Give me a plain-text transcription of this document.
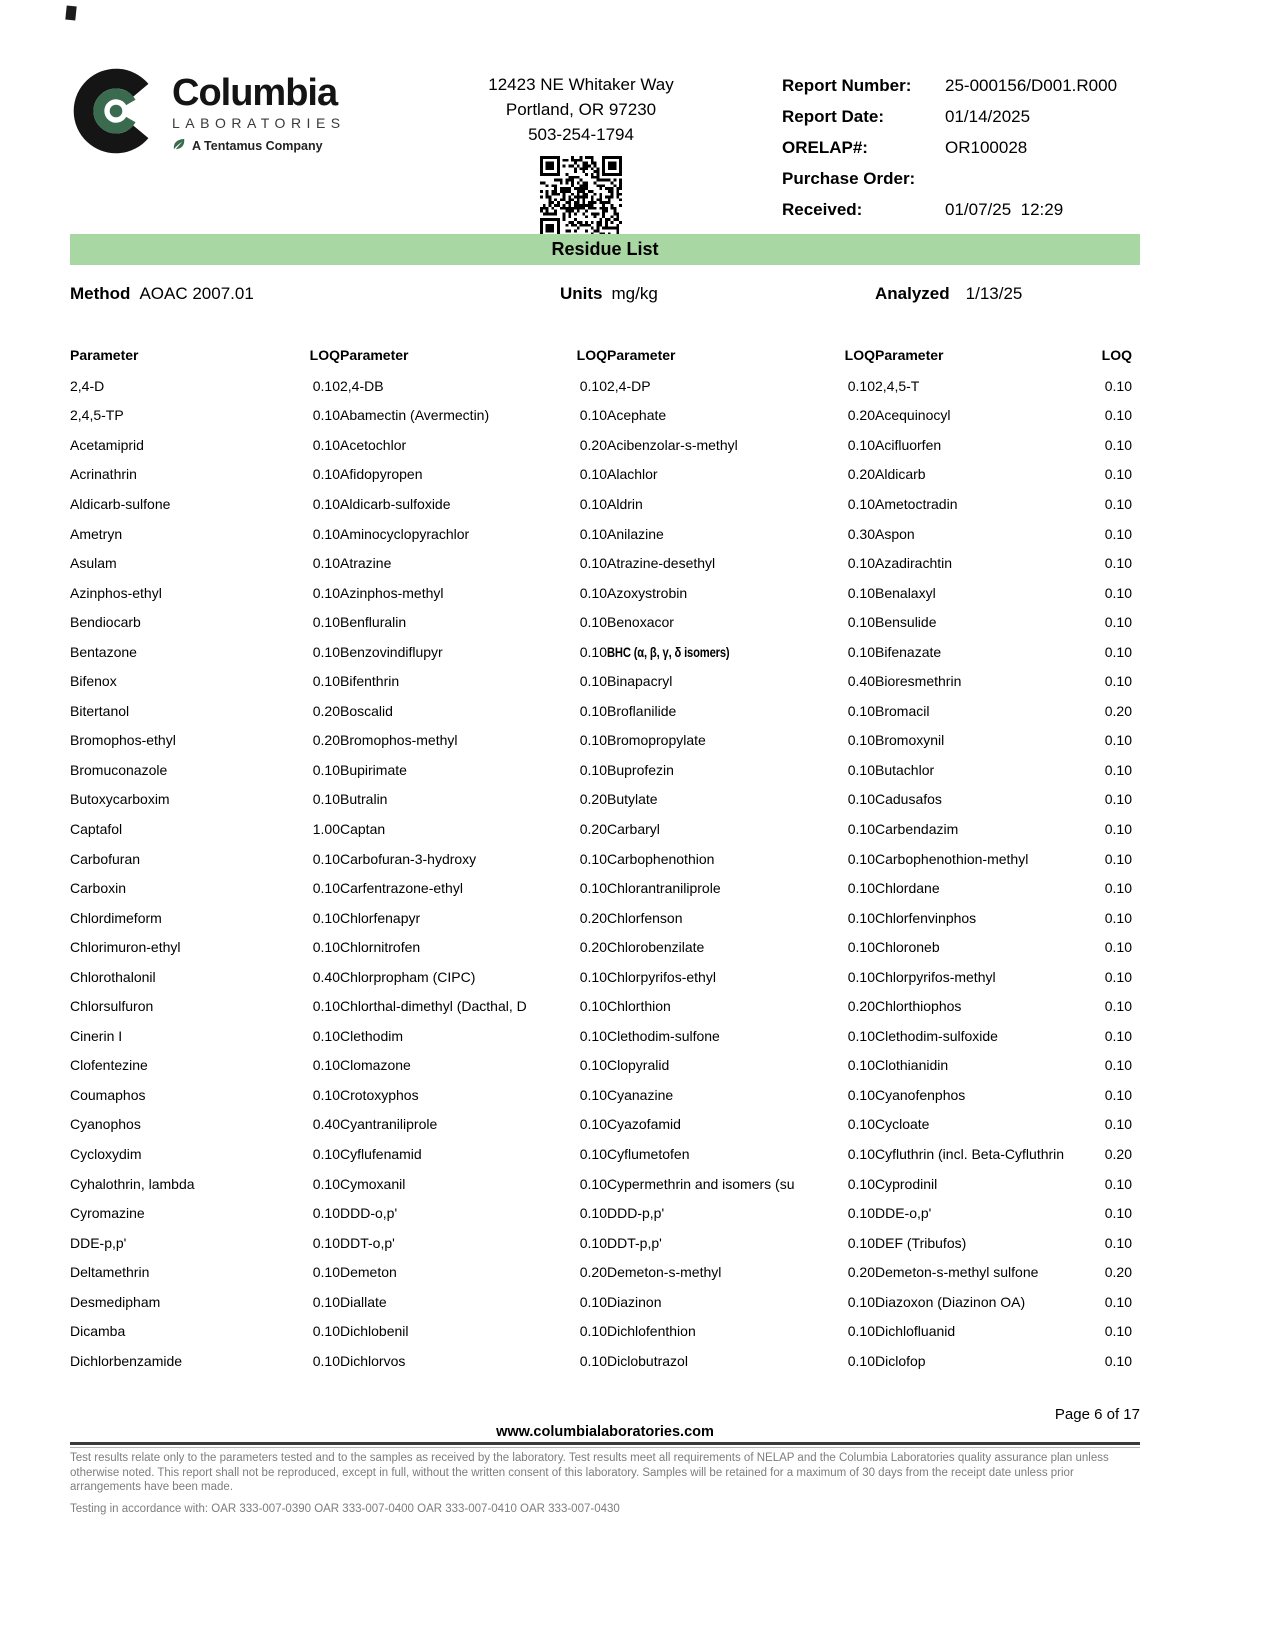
Columbia
LABORATORIES
A Tentamus Company
12423 NE Whitaker Way
Portland, OR 97230
503-254-1794
Report Number:	25-000156/D001.R000
Report Date:	01/14/2025
ORELAP#:	OR100028
Purchase Order:
Received:	01/07/25  12:29
Residue List
Method AOAC 2007.01	Units mg/kg	Analyzed 1/13/25
Parameter	LOQ Parameter	LOQ Parameter	LOQ Parameter	LOQ
2,4-D	0.10 2,4-DB	0.10 2,4-DP	0.10 2,4,5-T	0.10
2,4,5-TP	0.10 Abamectin (Avermectin)	0.10 Acephate	0.20 Acequinocyl	0.10
Acetamiprid	0.10 Acetochlor	0.20 Acibenzolar-s-methyl	0.10 Acifluorfen	0.10
Acrinathrin	0.10 Afidopyropen	0.10 Alachlor	0.20 Aldicarb	0.10
Aldicarb-sulfone	0.10 Aldicarb-sulfoxide	0.10 Aldrin	0.10 Ametoctradin	0.10
Ametryn	0.10 Aminocyclopyrachlor	0.10 Anilazine	0.30 Aspon	0.10
Asulam	0.10 Atrazine	0.10 Atrazine-desethyl	0.10 Azadirachtin	0.10
Azinphos-ethyl	0.10 Azinphos-methyl	0.10 Azoxystrobin	0.10 Benalaxyl	0.10
Bendiocarb	0.10 Benfluralin	0.10 Benoxacor	0.10 Bensulide	0.10
Bentazone	0.10 Benzovindiflupyr	0.10 BHC (α, β, γ, δ isomers)	0.10 Bifenazate	0.10
Bifenox	0.10 Bifenthrin	0.10 Binapacryl	0.40 Bioresmethrin	0.10
Bitertanol	0.20 Boscalid	0.10 Broflanilide	0.10 Bromacil	0.20
Bromophos-ethyl	0.20 Bromophos-methyl	0.10 Bromopropylate	0.10 Bromoxynil	0.10
Bromuconazole	0.10 Bupirimate	0.10 Buprofezin	0.10 Butachlor	0.10
Butoxycarboxim	0.10 Butralin	0.20 Butylate	0.10 Cadusafos	0.10
Captafol	1.00 Captan	0.20 Carbaryl	0.10 Carbendazim	0.10
Carbofuran	0.10 Carbofuran-3-hydroxy	0.10 Carbophenothion	0.10 Carbophenothion-methyl	0.10
Carboxin	0.10 Carfentrazone-ethyl	0.10 Chlorantraniliprole	0.10 Chlordane	0.10
Chlordimeform	0.10 Chlorfenapyr	0.20 Chlorfenson	0.10 Chlorfenvinphos	0.10
Chlorimuron-ethyl	0.10 Chlornitrofen	0.20 Chlorobenzilate	0.10 Chloroneb	0.10
Chlorothalonil	0.40 Chlorpropham (CIPC)	0.10 Chlorpyrifos-ethyl	0.10 Chlorpyrifos-methyl	0.10
Chlorsulfuron	0.10 Chlorthal-dimethyl (Dacthal, D	0.10 Chlorthion	0.20 Chlorthiophos	0.10
Cinerin I	0.10 Clethodim	0.10 Clethodim-sulfone	0.10 Clethodim-sulfoxide	0.10
Clofentezine	0.10 Clomazone	0.10 Clopyralid	0.10 Clothianidin	0.10
Coumaphos	0.10 Crotoxyphos	0.10 Cyanazine	0.10 Cyanofenphos	0.10
Cyanophos	0.40 Cyantraniliprole	0.10 Cyazofamid	0.10 Cycloate	0.10
Cycloxydim	0.10 Cyflufenamid	0.10 Cyflumetofen	0.10 Cyfluthrin (incl. Beta-Cyfluthrin	0.20
Cyhalothrin, lambda	0.10 Cymoxanil	0.10 Cypermethrin and isomers (su	0.10 Cyprodinil	0.10
Cyromazine	0.10 DDD-o,p'	0.10 DDD-p,p'	0.10 DDE-o,p'	0.10
DDE-p,p'	0.10 DDT-o,p'	0.10 DDT-p,p'	0.10 DEF (Tribufos)	0.10
Deltamethrin	0.10 Demeton	0.20 Demeton-s-methyl	0.20 Demeton-s-methyl sulfone	0.20
Desmedipham	0.10 Diallate	0.10 Diazinon	0.10 Diazoxon (Diazinon OA)	0.10
Dicamba	0.10 Dichlobenil	0.10 Dichlofenthion	0.10 Dichlofluanid	0.10
Dichlorbenzamide	0.10 Dichlorvos	0.10 Diclobutrazol	0.10 Diclofop	0.10
Page 6 of 17
www.columbialaboratories.com
Test results relate only to the parameters tested and to the samples as received by the laboratory. Test results meet all requirements of NELAP and the Columbia Laboratories quality assurance plan unless otherwise noted. This report shall not be reproduced, except in full, without the written consent of this laboratory. Samples will be retained for a maximum of 30 days from the receipt date unless prior arrangements have been made.
Testing in accordance with: OAR 333-007-0390 OAR 333-007-0400 OAR 333-007-0410 OAR 333-007-0430
